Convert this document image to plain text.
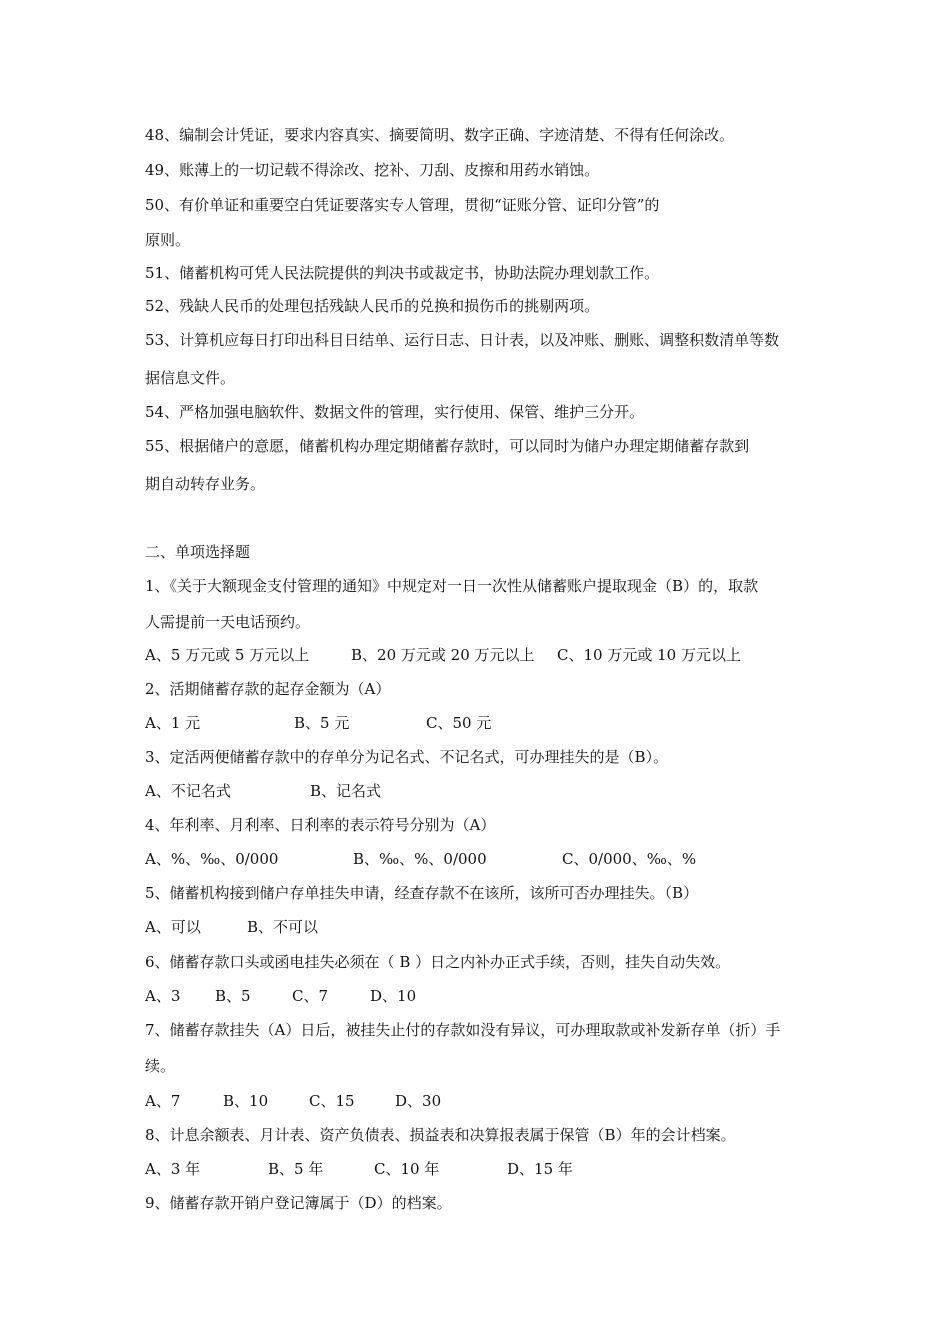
48、编制会计凭证，要求内容真实、摘要简明、数字正确、字迹清楚、不得有任何涂改。
49、账薄上的一切记载不得涂改、挖补、刀刮、皮擦和用药水销蚀。
50、有价单证和重要空白凭证要落实专人管理，贯彻“证账分管、证印分管”的
原则。
51、储蓄机构可凭人民法院提供的判决书或裁定书，协助法院办理划款工作。
52、残缺人民币的处理包括残缺人民币的兑换和损伤币的挑剔两项。
53、计算机应每日打印出科目日结单、运行日志、日计表，以及冲账、删账、调整积数清单等数
据信息文件。
54、严格加强电脑软件、数据文件的管理，实行使用、保管、维护三分开。
55、根据储户的意愿，储蓄机构办理定期储蓄存款时，可以同时为储户办理定期储蓄存款到
期自动转存业务。
二、单项选择题
1、《关于大额现金支付管理的通知》中规定对一日一次性从储蓄账户提取现金（B）的，取款
人需提前一天电话预约。
A、5 万元或 5 万元以上	B、20 万元或 20 万元以上 C、10 万元或 10 万元以上
2、活期储蓄存款的起存金额为（A）
A、1 元	B、5 元	C、50 元
3、定活两便储蓄存款中的存单分为记名式、不记名式，可办理挂失的是（B）。
A、不记名式	B、记名式
4、年利率、月利率、日利率的表示符号分别为（A）
A、%、‰、0/000	B、‰、%、0/000	C、0/000、‰、%
5、储蓄机构接到储户存单挂失申请，经查存款不在该所，该所可否办理挂失。（B）
A、可以	B、不可以
6、储蓄存款口头或函电挂失必须在（ B ）日之内补办正式手续，否则，挂失自动失效。
A、3 B、5	C、7	D、10
7、储蓄存款挂失（A）日后，被挂失止付的存款如没有异议，可办理取款或补发新存单（折）手
续。
A、7	B、10	C、15	D、30
8、计息余额表、月计表、资产负债表、损益表和决算报表属于保管（B）年的会计档案。
A、3 年	B、5 年	C、10 年	D、15 年
9、储蓄存款开销户登记簿属于（D）的档案。
